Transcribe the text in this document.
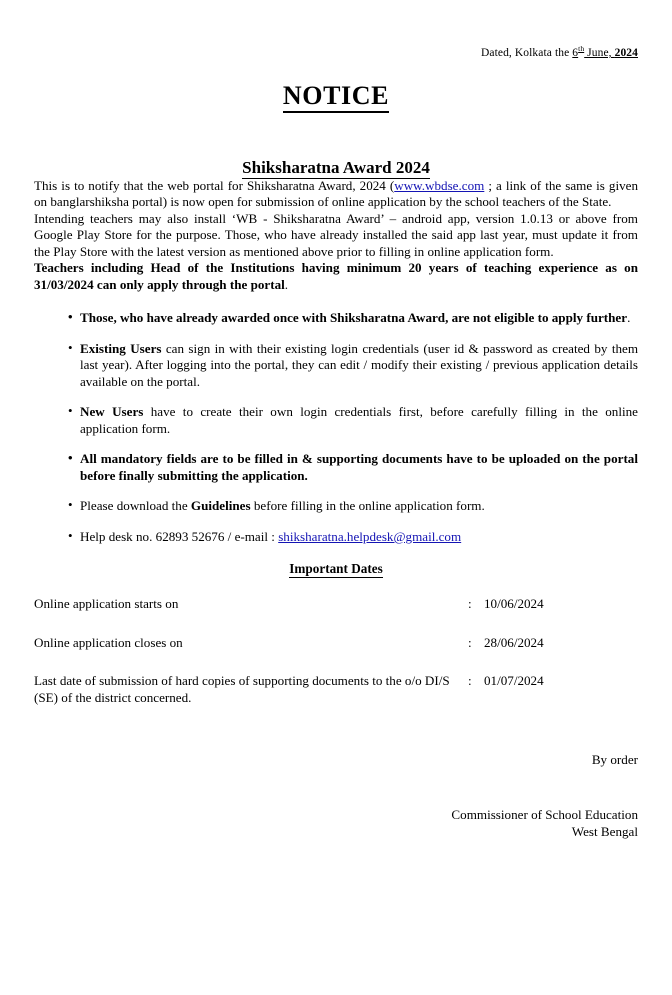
Dated, Kolkata the 6th June, 2024
NOTICE
Shiksharatna Award 2024

This is to notify that the web portal for Shiksharatna Award, 2024 (www.wbdse.com ; a link of the same is given on banglarshiksha portal) is now open for submission of online application by the school teachers of the State.

Intending teachers may also install ‘WB - Shiksharatna Award’ – android app, version 1.0.13 or above from Google Play Store for the purpose. Those, who have already installed the said app last year, must update it from the Play Store with the latest version as mentioned above prior to filling in online application form.

Teachers including Head of the Institutions having minimum 20 years of teaching experience as on 31/03/2024 can only apply through the portal.

• Those, who have already awarded once with Shiksharatna Award, are not eligible to apply further.
• Existing Users can sign in with their existing login credentials (user id & password as created by them last year). After logging into the portal, they can edit / modify their existing / previous application details available on the portal.
• New Users have to create their own login credentials first, before carefully filling in the online application form.
• All mandatory fields are to be filled in & supporting documents have to be uploaded on the portal before finally submitting the application.
• Please download the Guidelines before filling in the online application form.
• Help desk no. 62893 52676 / e-mail : shiksharatna.helpdesk@gmail.com
Important Dates
Online application starts on	:	10/06/2024
Online application closes on	:	28/06/2024
Last date of submission of hard copies of supporting documents to the o/o DI/S (SE) of the district concerned.	:	01/07/2024
By order
Commissioner of School Education
West Bengal
